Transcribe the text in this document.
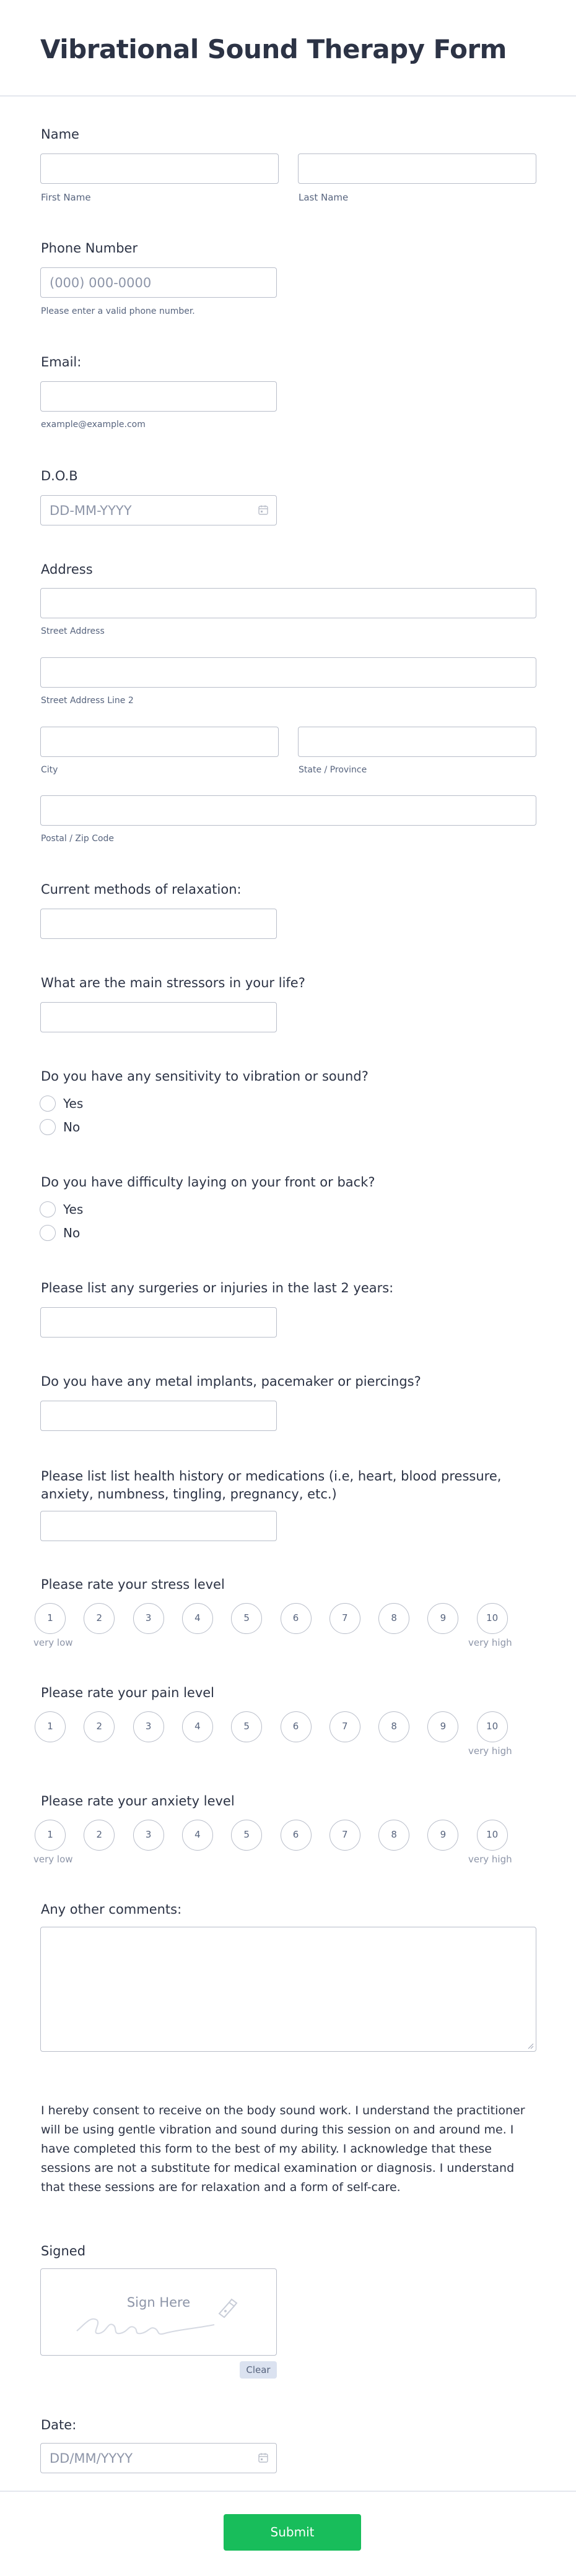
Vibrational Sound Therapy Form
Name
First Name	Last Name
Phone Number
(000) 000-0000
Please enter a valid phone number.
Email:
example@example.com
D.O.B
DD-MM-YYYY
Address
Street Address
Street Address Line 2
City	State / Province
Postal / Zip Code
Current methods of relaxation:
What are the main stressors in your life?
Do you have any sensitivity to vibration or sound?
Yes
No
Do you have difficulty laying on your front or back?
Yes
No
Please list any surgeries or injuries in the last 2 years:
Do you have any metal implants, pacemaker or piercings?
Please list list health history or medications (i.e, heart, blood pressure, anxiety, numbness, tingling, pregnancy, etc.)
Please rate your stress level
1	2	3	4	5	6	7	8	9	10
very low	very high
Please rate your pain level
1	2	3	4	5	6	7	8	9	10
very high
Please rate your anxiety level
1	2	3	4	5	6	7	8	9	10
very low	very high
Any other comments:
I hereby consent to receive on the body sound work. I understand the practitioner will be using gentle vibration and sound during this session on and around me. I have completed this form to the best of my ability. I acknowledge that these sessions are not a substitute for medical examination or diagnosis. I understand that these sessions are for relaxation and a form of self-care.
Signed
Sign Here
Clear
Date:
DD/MM/YYYY
Submit
